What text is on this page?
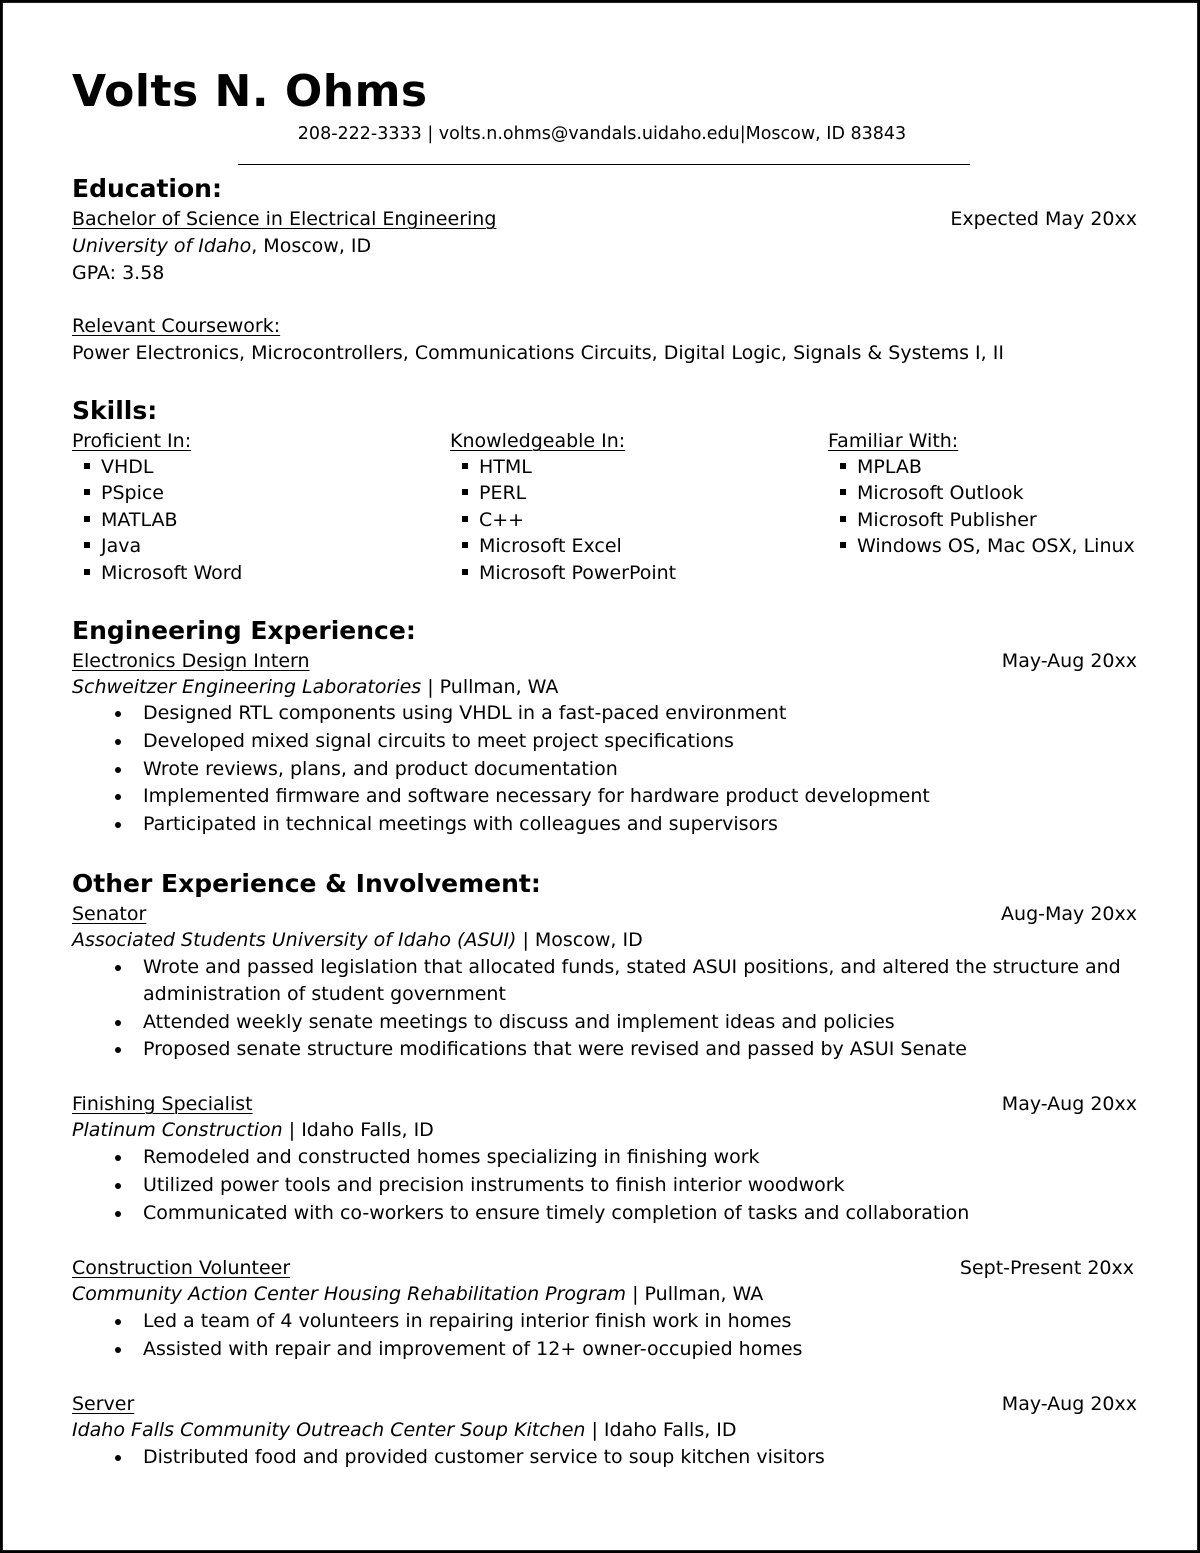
Volts N. Ohms
208-222-3333 | volts.n.ohms@vandals.uidaho.edu|Moscow, ID 83843
Education:
Bachelor of Science in Electrical Engineering	Expected May 20xx
University of Idaho, Moscow, ID
GPA: 3.58
Relevant Coursework:
Power Electronics, Microcontrollers, Communications Circuits, Digital Logic, Signals & Systems I, II
Skills:
Proficient In:
VHDL
PSpice
MATLAB
Java
Microsoft Word
Knowledgeable In:
HTML
PERL
C++
Microsoft Excel
Microsoft PowerPoint
Familiar With:
MPLAB
Microsoft Outlook
Microsoft Publisher
Windows OS, Mac OSX, Linux
Engineering Experience:
Electronics Design Intern	May-Aug 20xx
Schweitzer Engineering Laboratories | Pullman, WA
Designed RTL components using VHDL in a fast-paced environment
Developed mixed signal circuits to meet project specifications
Wrote reviews, plans, and product documentation
Implemented firmware and software necessary for hardware product development
Participated in technical meetings with colleagues and supervisors
Other Experience & Involvement:
Senator	Aug-May 20xx
Associated Students University of Idaho (ASUI) | Moscow, ID
Wrote and passed legislation that allocated funds, stated ASUI positions, and altered the structure and administration of student government
Attended weekly senate meetings to discuss and implement ideas and policies
Proposed senate structure modifications that were revised and passed by ASUI Senate
Finishing Specialist	May-Aug 20xx
Platinum Construction | Idaho Falls, ID
Remodeled and constructed homes specializing in finishing work
Utilized power tools and precision instruments to finish interior woodwork
Communicated with co-workers to ensure timely completion of tasks and collaboration
Construction Volunteer	Sept-Present 20xx
Community Action Center Housing Rehabilitation Program | Pullman, WA
Led a team of 4 volunteers in repairing interior finish work in homes
Assisted with repair and improvement of 12+ owner-occupied homes
Server	May-Aug 20xx
Idaho Falls Community Outreach Center Soup Kitchen | Idaho Falls, ID
Distributed food and provided customer service to soup kitchen visitors
